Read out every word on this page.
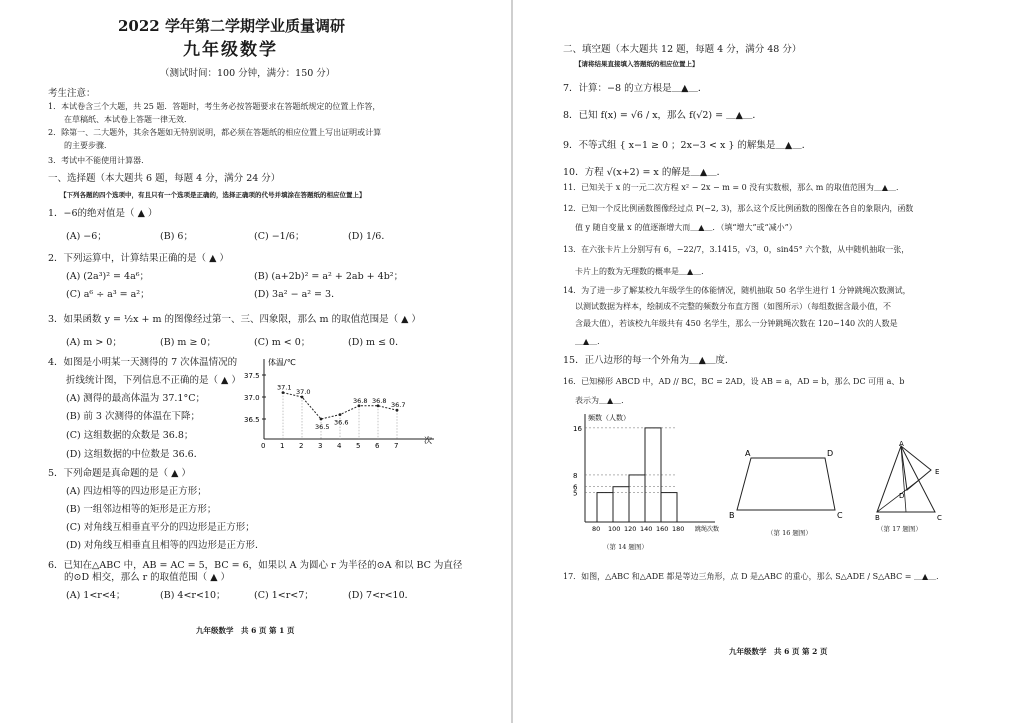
2022 学年第二学期学业质量调研
九年级数学
（测试时间：100 分钟，满分：150 分）
考生注意：
1．本试卷含三个大题，共 25 题．答题时，考生务必按答题要求在答题纸规定的位置上作答，
在草稿纸、本试卷上答题一律无效．
2．除第一、二大题外，其余各题如无特别说明，都必须在答题纸的相应位置上写出证明或计算
的主要步骤．
3．考试中不能使用计算器．
一、选择题（本大题共 6 题，每题 4 分，满分 24 分）
【下列各题的四个选项中，有且只有一个选项是正确的，选择正确项的代号并填涂在答题纸的相应位置上】
1．−6的绝对值是（ ▲ ）
(A) −6；	(B) 6；	(C) −1/6；	(D) 1/6．
2．下列运算中，计算结果正确的是（ ▲ ）
(A) (2a³)² = 4a⁶；	(B) (a+2b)² = a² + 2ab + 4b²；
(C) a⁶ ÷ a³ = a²；	(D) 3a² − a² = 3．
3．如果函数 y = ½x + m 的图像经过第一、三、四象限，那么 m 的取值范围是（ ▲ ）
(A) m > 0；	(B) m ≥ 0；	(C) m < 0；	(D) m ≤ 0．
4．如图是小明某一天测得的 7 次体温情况的
折线统计图，下列信息不正确的是（ ▲ ）
(A) 测得的最高体温为 37.1°C；
(B) 前 3 次测得的体温在下降；
(C) 这组数据的众数是 36.8；
(D) 这组数据的中位数是 36.6．
体温/℃
次
0
36.5
37.0
37.5
1
37.1
2
37.0
3
36.5
4
36.6
5
36.8
6
36.8
7
36.7
5．下列命题是真命题的是（ ▲ ）
(A) 四边相等的四边形是正方形；
(B) 一组邻边相等的矩形是正方形；
(C) 对角线互相垂直平分的四边形是正方形；
(D) 对角线互相垂直且相等的四边形是正方形．
6．已知在△ABC 中，AB = AC = 5，BC = 6，如果以 A 为圆心 r 为半径的⊙A 和以 BC 为直径
的⊙D 相交，那么 r 的取值范围（ ▲ ）
(A) 1<r<4；	(B) 4<r<10；	(C) 1<r<7；	(D) 7<r<10．
九年级数学　共 6 页 第 1 页
二、填空题（本大题共 12 题，每题 4 分，满分 48 分）
【请将结果直接填入答题纸的相应位置上】
7．计算：−8 的立方根是＿▲＿．
8．已知 f(x) = √6 / x，那么 f(√2) = ＿▲＿．
9．不等式组 { x−1 ≥ 0 ；2x−3 < x } 的解集是＿▲＿．
10．方程 √(x+2) = x 的解是＿▲＿．
11．已知关于 x 的一元二次方程 x² − 2x − m = 0 没有实数根，那么 m 的取值范围为＿▲＿．
12．已知一个反比例函数图像经过点 P(−2, 3)，那么这个反比例函数的图像在各自的象限内，函数
值 y 随自变量 x 的值逐渐增大而＿▲＿．（填“增大”或“减小”）
13．在六张卡片上分别写有 6，−22/7，3.1415，√3，0，sin45° 六个数，从中随机抽取一张，
卡片上的数为无理数的概率是＿▲＿．
14．为了进一步了解某校九年级学生的体能情况，随机抽取 50 名学生进行 1 分钟跳绳次数测试，
以测试数据为样本，绘制成不完整的频数分布直方图（如图所示）（每组数据含最小值，不
含最大值），若该校九年级共有 450 名学生，那么一分钟跳绳次数在 120~140 次的人数是
＿▲＿．
15．正八边形的每一个外角为＿▲＿度．
16．已知梯形 ABCD 中，AD // BC，BC = 2AD，设 AB = a，AD = b，那么 DC 可用 a、b
表示为＿▲＿．
频数（人数）
跳绳次数
5
6
8
16
80 100 120 140 160 180
（第 14 题图）
A	D
B	C
（第 16 题图）
A
E
D
B	C
（第 17 题图）
17．如图，△ABC 和△ADE 都是等边三角形，点 D 是△ABC 的重心，那么 S△ADE / S△ABC = ＿▲＿．
九年级数学　共 6 页 第 2 页
